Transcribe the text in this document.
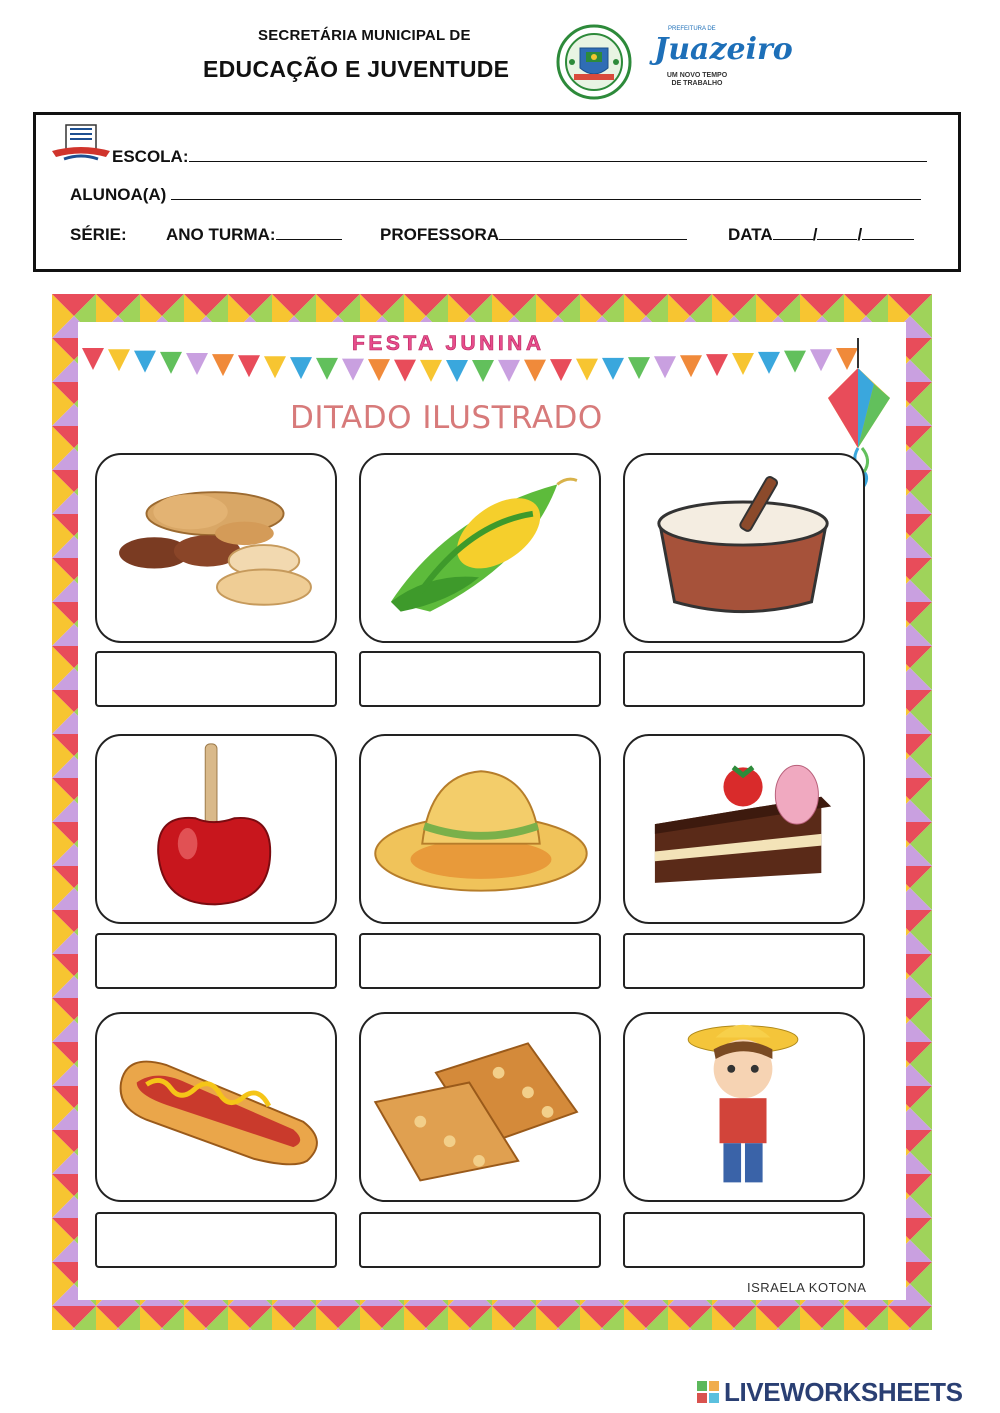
SECRETÁRIA MUNICIPAL DE
EDUCAÇÃO E JUVENTUDE
PREFEITURA DE
Juazeiro
UM NOVO TEMPO DE TRABALHO
ESCOLA:
ALUNOA(A)
SÉRIE: ANO TURMA:	PROFESSORA	DATA / /
FESTA JUNINA
DITADO ILUSTRADO
ISRAELA KOTONA
LIVEWORKSHEETS
